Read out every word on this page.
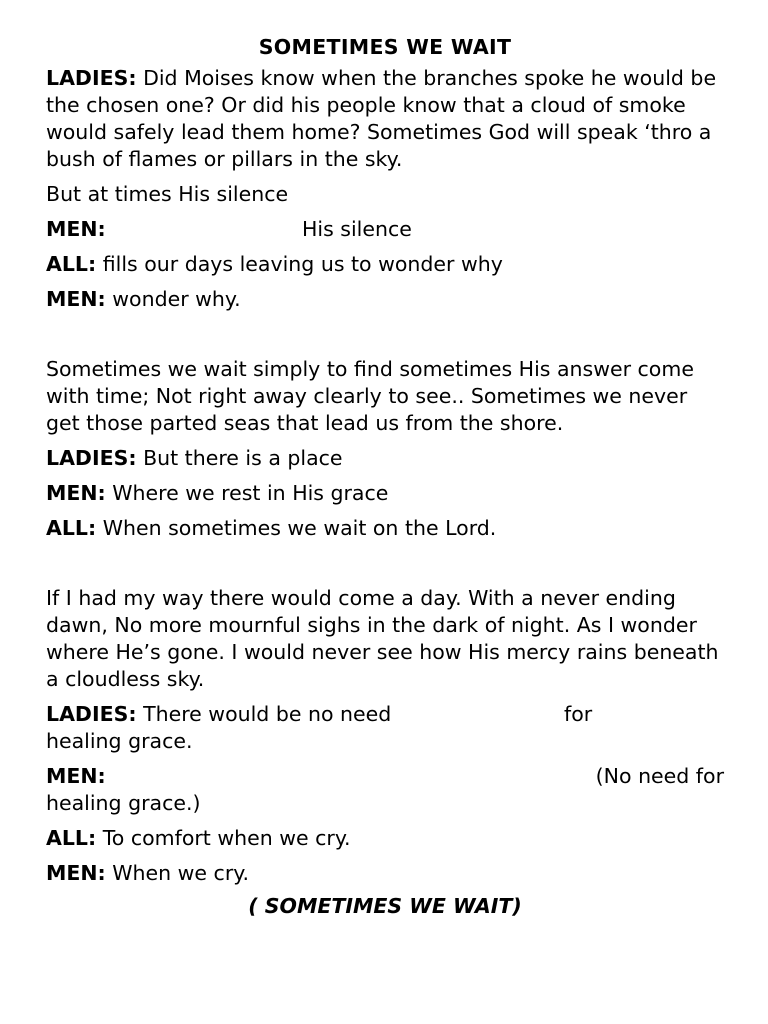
SOMETIMES WE WAIT

LADIES: Did Moises know when the branches spoke he would be the chosen one? Or did his people know that a cloud of smoke would safely lead them home? Sometimes God will speak ‘thro a bush of flames or pillars in the sky.

But at times His silence

MEN:	His silence

ALL: fills our days leaving us to wonder why

MEN: wonder why.

Sometimes we wait simply to find sometimes His answer come with time; Not right away clearly to see.. Sometimes we never get those parted seas that lead us from the shore.

LADIES: But there is a place

MEN: Where we rest in His grace

ALL: When sometimes we wait on the Lord.

If I had my way there would come a day. With a never ending dawn, No more mournful sighs in the dark of night. As I wonder where He’s gone. I would never see how His mercy rains beneath a cloudless sky.

LADIES: There would be no need	for
healing grace.
MEN:	(No need for
healing grace.)

ALL: To comfort when we cry.

MEN: When we cry.

( SOMETIMES WE WAIT)
